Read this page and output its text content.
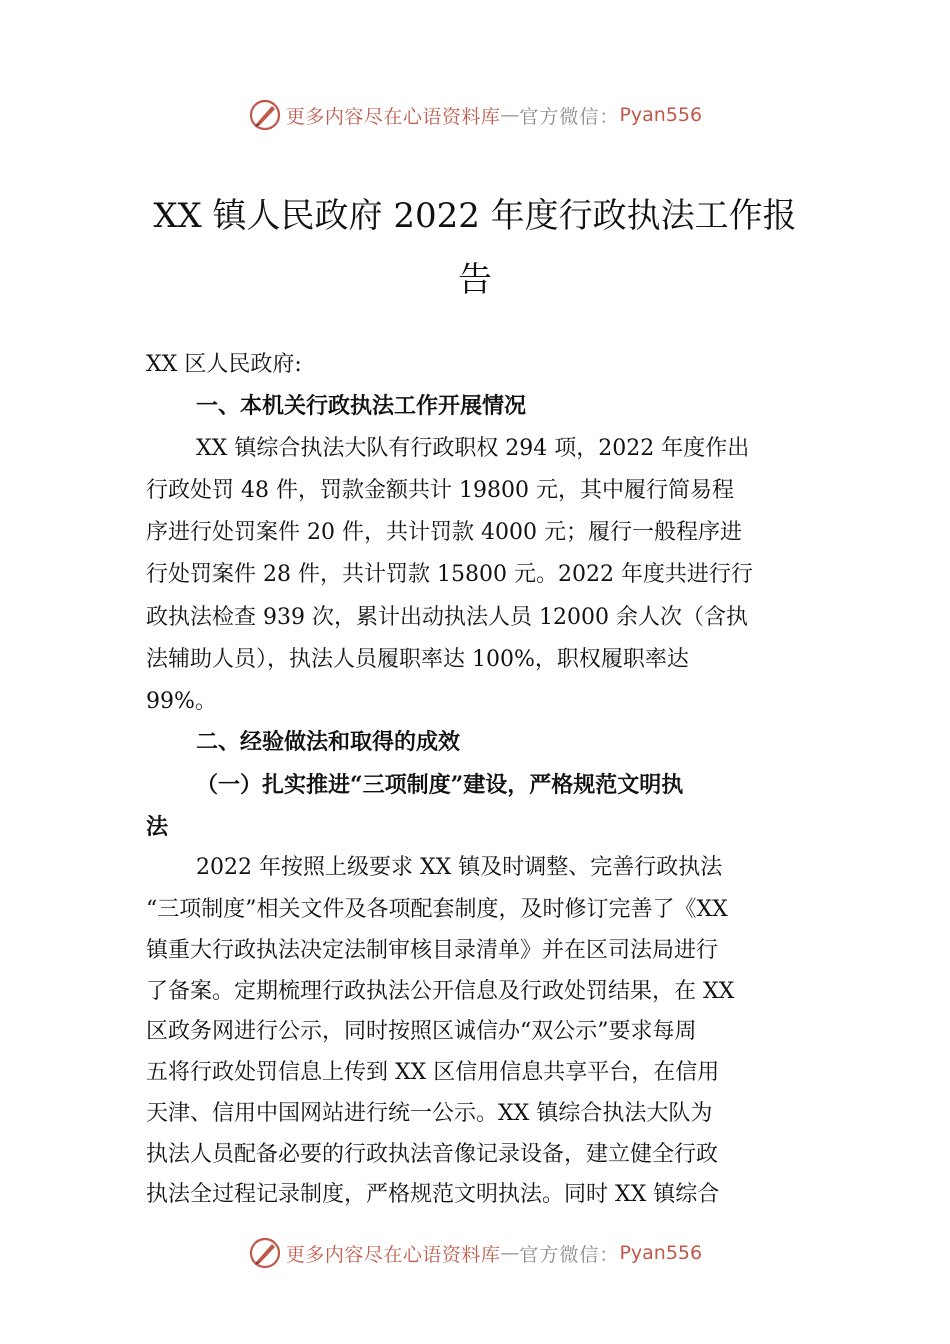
更多内容尽在心语资料库 — 官方微信： Pyan556
XX 镇人民政府 2022 年度行政执法工作报
告
XX 区人民政府:
一、本机关行政执法工作开展情况
XX 镇综合执法大队有行政职权 294 项，2022 年度作出
行政处罚 48 件，罚款金额共计 19800 元，其中履行简易程
序进行处罚案件 20 件，共计罚款 4000 元；履行一般程序进
行处罚案件 28 件，共计罚款 15800 元。2022 年度共进行行
政执法检查 939 次，累计出动执法人员 12000 余人次（含执
法辅助人员），执法人员履职率达 100%，职权履职率达
99%。
二、经验做法和取得的成效
（一）扎实推进“三项制度”建设，严格规范文明执
法
2022 年按照上级要求 XX 镇及时调整、完善行政执法
“三项制度”相关文件及各项配套制度，及时修订完善了《XX
镇重大行政执法决定法制审核目录清单》并在区司法局进行
了备案。定期梳理行政执法公开信息及行政处罚结果，在 XX
区政务网进行公示，同时按照区诚信办“双公示”要求每周
五将行政处罚信息上传到 XX 区信用信息共享平台，在信用
天津、信用中国网站进行统一公示。XX 镇综合执法大队为
执法人员配备必要的行政执法音像记录设备，建立健全行政
执法全过程记录制度，严格规范文明执法。同时 XX 镇综合
更多内容尽在心语资料库 — 官方微信： Pyan556
